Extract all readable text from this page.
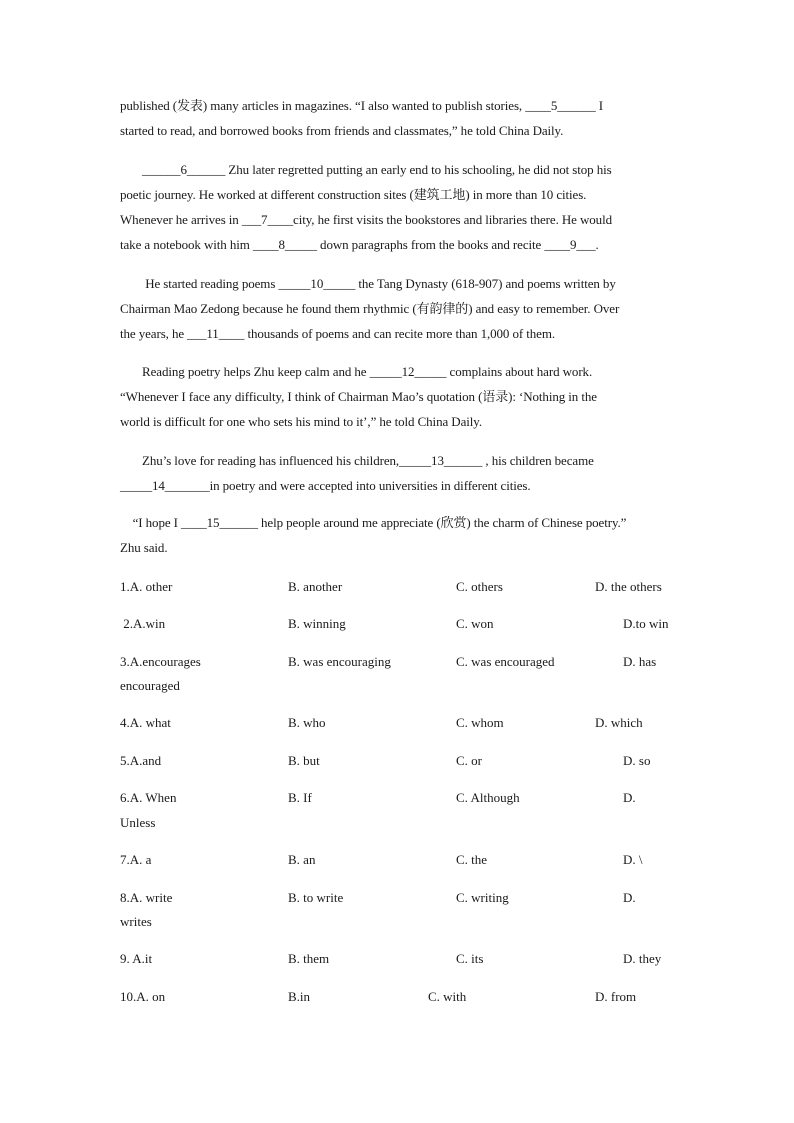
published (发表) many articles in magazines. “I also wanted to publish stories, ____5______ I
started to read, and borrowed books from friends and classmates,” he told China Daily.

______6______ Zhu later regretted putting an early end to his schooling, he did not stop his
poetic journey. He worked at different construction sites (建筑工地) in more than 10 cities.
Whenever he arrives in ___7____city, he first visits the bookstores and libraries there. He would
take a notebook with him ____8_____ down paragraphs from the books and recite ____9___.

He started reading poems _____10_____ the Tang Dynasty (618-907) and poems written by
Chairman Mao Zedong because he found them rhythmic (有韵律的) and easy to remember. Over
the years, he ___11____ thousands of poems and can recite more than 1,000 of them.

Reading poetry helps Zhu keep calm and he _____12_____ complains about hard work.
“Whenever I face any difficulty, I think of Chairman Mao’s quotation (语录): ‘Nothing in the
world is difficult for one who sets his mind to it’,” he told China Daily.

Zhu’s love for reading has influenced his children,_____13______ , his children became
_____14_______in poetry and were accepted into universities in different cities.

“I hope I ____15______ help people around me appreciate (欣赏) the charm of Chinese poetry.”
Zhu said.

1.A. other	B. another	C. others	D. the others
2.A.win	B. winning	C. won	D.to win
3.A.encourages	B. was encouraging	C. was encouraged	D. has
encouraged
4.A. what	B. who	C. whom	D. which
5.A.and	B. but	C. or	D. so
6.A. When	B. If	C. Although	D.
Unless
7.A. a	B. an	C. the	D. \
8.A. write	B. to write	C. writing	D.
writes
9. A.it	B. them	C. its	D. they
10.A. on	B.in	C. with	D. from
